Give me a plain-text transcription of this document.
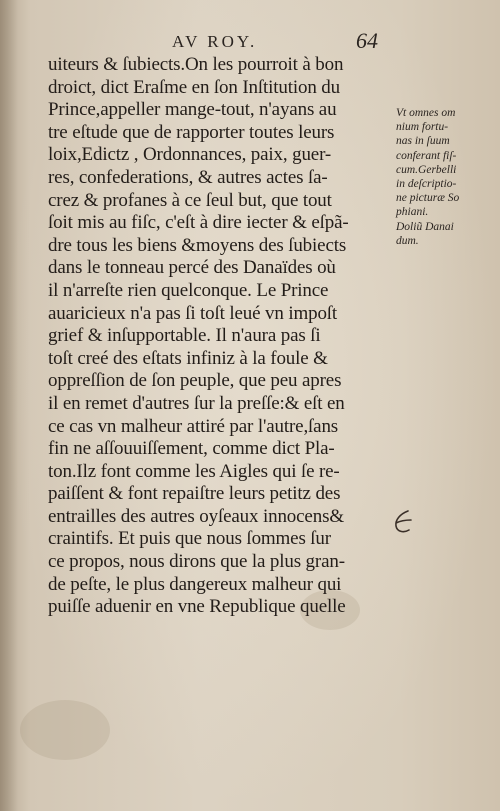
AV ROY.	64
uiteurs & ſubiects.On les pourroit à bon
droict, dict Eraſme en ſon Inſtitution du
Prince,appeller mange-tout, n'ayans au
tre eſtude que de rapporter toutes leurs
loix,Edictz , Ordonnances, paix, guer-
res, confederations, & autres actes ſa-
crez & profanes à ce ſeul but, que tout
ſoit mis au fiſc, c'eſt à dire iecter & eſpã-
dre tous les biens &moyens des ſubiects
dans le tonneau percé des Danaïdes où
il n'arreſte rien quelconque. Le Prince
auaricieux n'a pas ſi toſt leué vn impoſt
grief & inſupportable. Il n'aura pas ſi
toſt creé des eſtats infiniz à la foule &
oppreſſion de ſon peuple, que peu apres
il en remet d'autres ſur la preſſe:& eſt en
ce cas vn malheur attiré par l'autre,ſans
fin ne aſſouuiſſement, comme dict Pla-
ton.Ilz font comme les Aigles qui ſe re-
paiſſent & font repaiſtre leurs petitz des
entrailles des autres oyſeaux innocens&
craintifs. Et puis que nous ſommes ſur
ce propos, nous dirons que la plus gran-
de peſte, le plus dangereux malheur qui
puiſſe aduenir en vne Republique quelle
Vt omnes om
nium fortu-
nas in ſuum
conferant fiſ-
cum.Gerbelli
in deſcriptio-
ne picturæ So
phiani.
Doliũ Danai
dum.
